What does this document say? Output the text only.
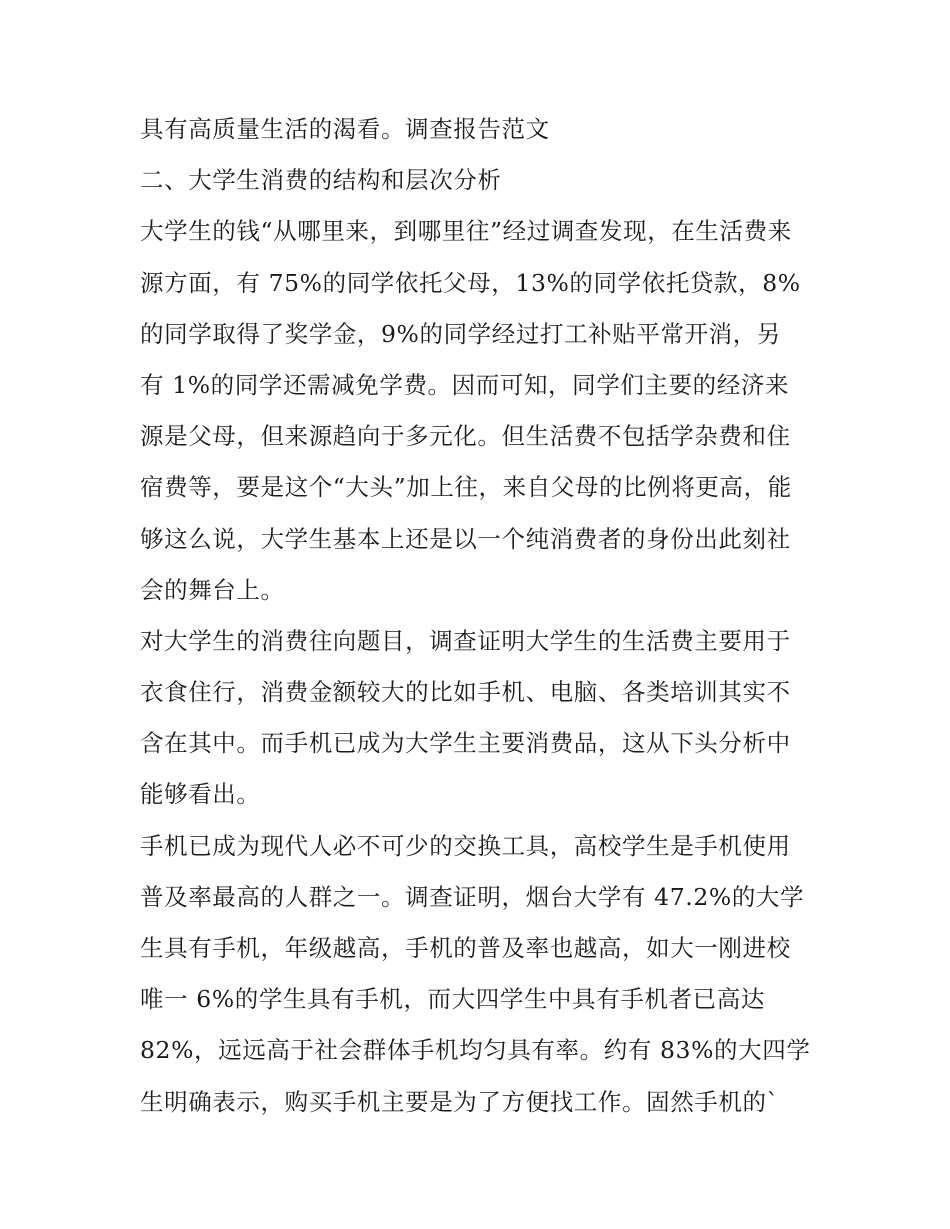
具有高质量生活的渴看。调查报告范文
二、大学生消费的结构和层次分析
大学生的钱“从哪里来，到哪里往”经过调查发现，在生活费来
源方面，有 75%的同学依托父母，13%的同学依托贷款，8%
的同学取得了奖学金，9%的同学经过打工补贴平常开消，另
有 1%的同学还需减免学费。因而可知，同学们主要的经济来
源是父母，但来源趋向于多元化。但生活费不包括学杂费和住
宿费等，要是这个“大头”加上往，来自父母的比例将更高，能
够这么说，大学生基本上还是以一个纯消费者的身份出此刻社
会的舞台上。
对大学生的消费往向题目，调查证明大学生的生活费主要用于
衣食住行，消费金额较大的比如手机、电脑、各类培训其实不
含在其中。而手机已成为大学生主要消费品，这从下头分析中
能够看出。
手机已成为现代人必不可少的交换工具，高校学生是手机使用
普及率最高的人群之一。调查证明，烟台大学有 47.2%的大学
生具有手机，年级越高，手机的普及率也越高，如大一刚进校
唯一 6%的学生具有手机，而大四学生中具有手机者已高达
82%，远远高于社会群体手机均匀具有率。约有 83%的大四学
生明确表示，购买手机主要是为了方便找工作。固然手机的`
